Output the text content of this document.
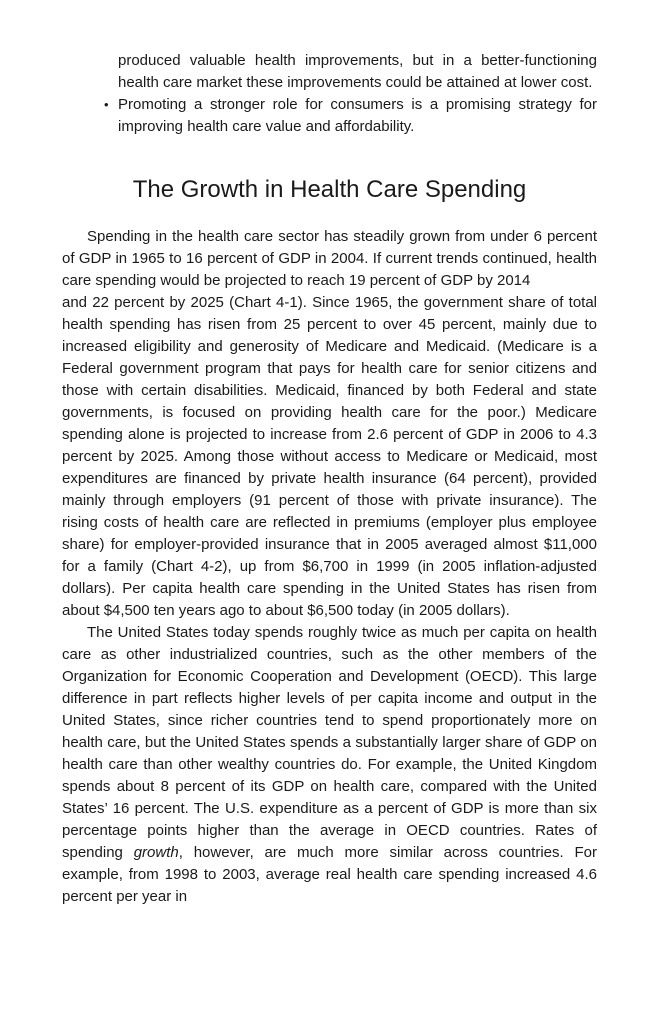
produced valuable health improvements, but in a better-functioning health care market these improvements could be attained at lower cost.
• Promoting a stronger role for consumers is a promising strategy for improving health care value and affordability.
The Growth in Health Care Spending

Spending in the health care sector has steadily grown from under 6 percent of GDP in 1965 to 16 percent of GDP in 2004. If current trends continued, health care spending would be projected to reach 19 percent of GDP by 2014

and 22 percent by 2025 (Chart 4-1). Since 1965, the government share of total health spending has risen from 25 percent to over 45 percent, mainly due to increased eligibility and generosity of Medicare and Medicaid. (Medicare is a Federal government program that pays for health care for senior citizens and those with certain disabilities. Medicaid, financed by both Federal and state governments, is focused on providing health care for the poor.) Medicare spending alone is projected to increase from 2.6 percent of GDP in 2006 to 4.3 percent by 2025. Among those without access to Medicare or Medicaid, most expenditures are financed by private health insurance (64 percent), provided mainly through employers (91 percent of those with private insurance). The rising costs of health care are reflected in premiums (employer plus employee share) for employer-provided insurance that in 2005 averaged almost $11,000 for a family (Chart 4-2), up from $6,700 in 1999 (in 2005 inflation-adjusted dollars). Per capita health care spending in the United States has risen from about $4,500 ten years ago to about $6,500 today (in 2005 dollars).

The United States today spends roughly twice as much per capita on health care as other industrialized countries, such as the other members of the Organization for Economic Cooperation and Development (OECD). This large difference in part reflects higher levels of per capita income and output in the United States, since richer countries tend to spend proportionately more on health care, but the United States spends a substantially larger share of GDP on health care than other wealthy countries do. For example, the United Kingdom spends about 8 percent of its GDP on health care, compared with the United States’ 16 percent. The U.S. expenditure as a percent of GDP is more than six percentage points higher than the average in OECD countries. Rates of spending growth, however, are much more similar across countries. For example, from 1998 to 2003, average real health care spending increased 4.6 percent per year in
